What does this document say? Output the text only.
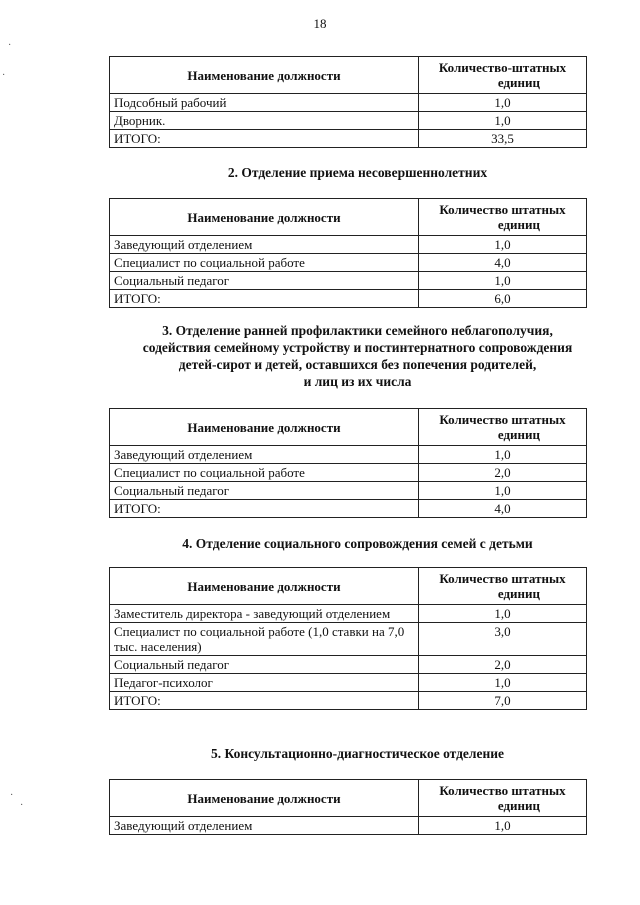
18
Наименование должности	Количество-штатных
единиц

Подсобный рабочий	1,0
Дворник.	1,0
ИТОГО:	33,5
2. Отделение приема несовершеннолетних
Наименование должности	Количество штатных
единиц

Заведующий отделением	1,0
Специалист по социальной работе	4,0
Социальный педагог	1,0
ИТОГО:	6,0
3. Отделение ранней профилактики семейного неблагополучия,
содействия семейному устройству и постинтернатного сопровождения
детей-сирот и детей, оставшихся без попечения родителей,
и лиц из их числа
Наименование должности	Количество штатных
единиц

Заведующий отделением	1,0
Специалист по социальной работе	2,0
Социальный педагог	1,0
ИТОГО:	4,0
4. Отделение социального сопровождения семей с детьми
Наименование должности	Количество штатных
единиц

Заместитель директора - заведующий отделением	1,0
Специалист по социальной работе (1,0 ставки на 7,0 тыс. населения)	3,0
Социальный педагог	2,0
Педагог-психолог	1,0
ИТОГО:	7,0
5. Консультационно-диагностическое отделение
Наименование должности	Количество штатных
единиц

Заведующий отделением	1,0
·
·
·
·
